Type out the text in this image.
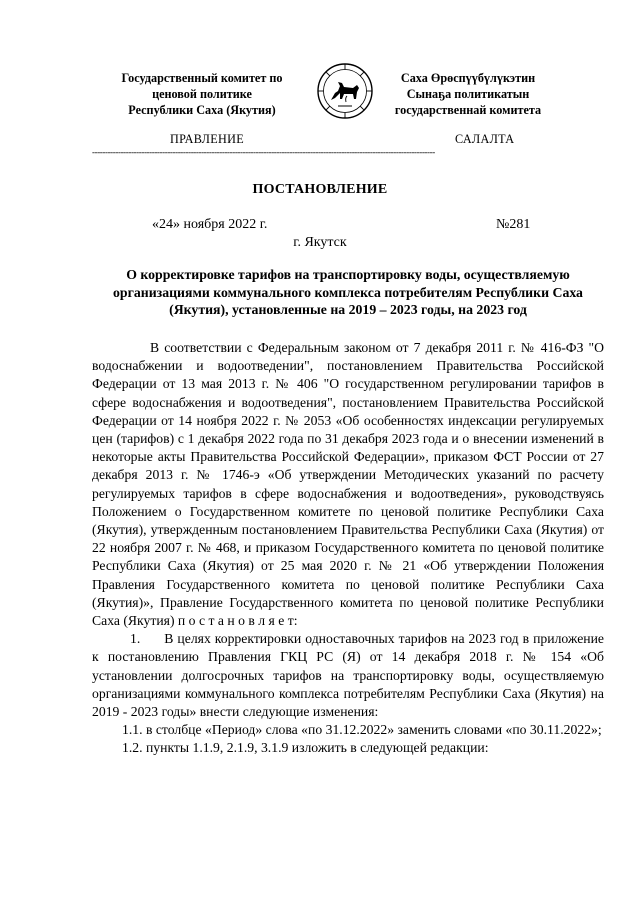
Государственный комитет по
ценовой политике
Республики Саха (Якутия)
Саха Өрөспүүбүлүкэтин
Сынаҕа политикатын
государственнай комитета
ПРАВЛЕНИЕ	САЛАЛТА
------------------------------------------------------------------------------------------------------------------------------------
ПОСТАНОВЛЕНИЕ
«24» ноября 2022 г.	№281
г. Якутск
О корректировке тарифов на транспортировку воды, осуществляемую организациями коммунального комплекса потребителям Республики Саха (Якутия), установленные на 2019 – 2023 годы, на 2023 год

В соответствии с Федеральным законом от 7 декабря 2011 г. № 416-ФЗ "О водоснабжении и водоотведении", постановлением Правительства Российской Федерации от 13 мая 2013 г. № 406 "О государственном регулировании тарифов в сфере водоснабжения и водоотведения", постановлением Правительства Российской Федерации от 14 ноября 2022 г. № 2053 «Об особенностях индексации регулируемых цен (тарифов) с 1 декабря 2022 года по 31 декабря 2023 года и о внесении изменений в некоторые акты Правительства Российской Федерации», приказом ФСТ России от 27 декабря 2013 г. № 1746-э «Об утверждении Методических указаний по расчету регулируемых тарифов в сфере водоснабжения и водоотведения», руководствуясь Положением о Государственном комитете по ценовой политике Республики Саха (Якутия), утвержденным постановлением Правительства Республики Саха (Якутия) от 22 ноября 2007 г. № 468, и приказом Государственного комитета по ценовой политике Республики Саха (Якутия) от 25 мая 2020 г. № 21 «Об утверждении Положения Правления Государственного комитета по ценовой политике Республики Саха (Якутия)», Правление Государственного комитета по ценовой политике Республики Саха (Якутия) п о с т а н о в л я е т:

1.      В целях корректировки одноставочных тарифов на 2023 год в приложение к постановлению Правления ГКЦ РС (Я) от 14 декабря 2018 г. № 154 «Об установлении долгосрочных тарифов на транспортировку воды, осуществляемую организациями коммунального комплекса потребителям Республики Саха (Якутия) на 2019 - 2023 годы» внести следующие изменения:

1.1. в столбце «Период» слова «по 31.12.2022» заменить словами «по 30.11.2022»;

1.2. пункты 1.1.9, 2.1.9, 3.1.9 изложить в следующей редакции:
